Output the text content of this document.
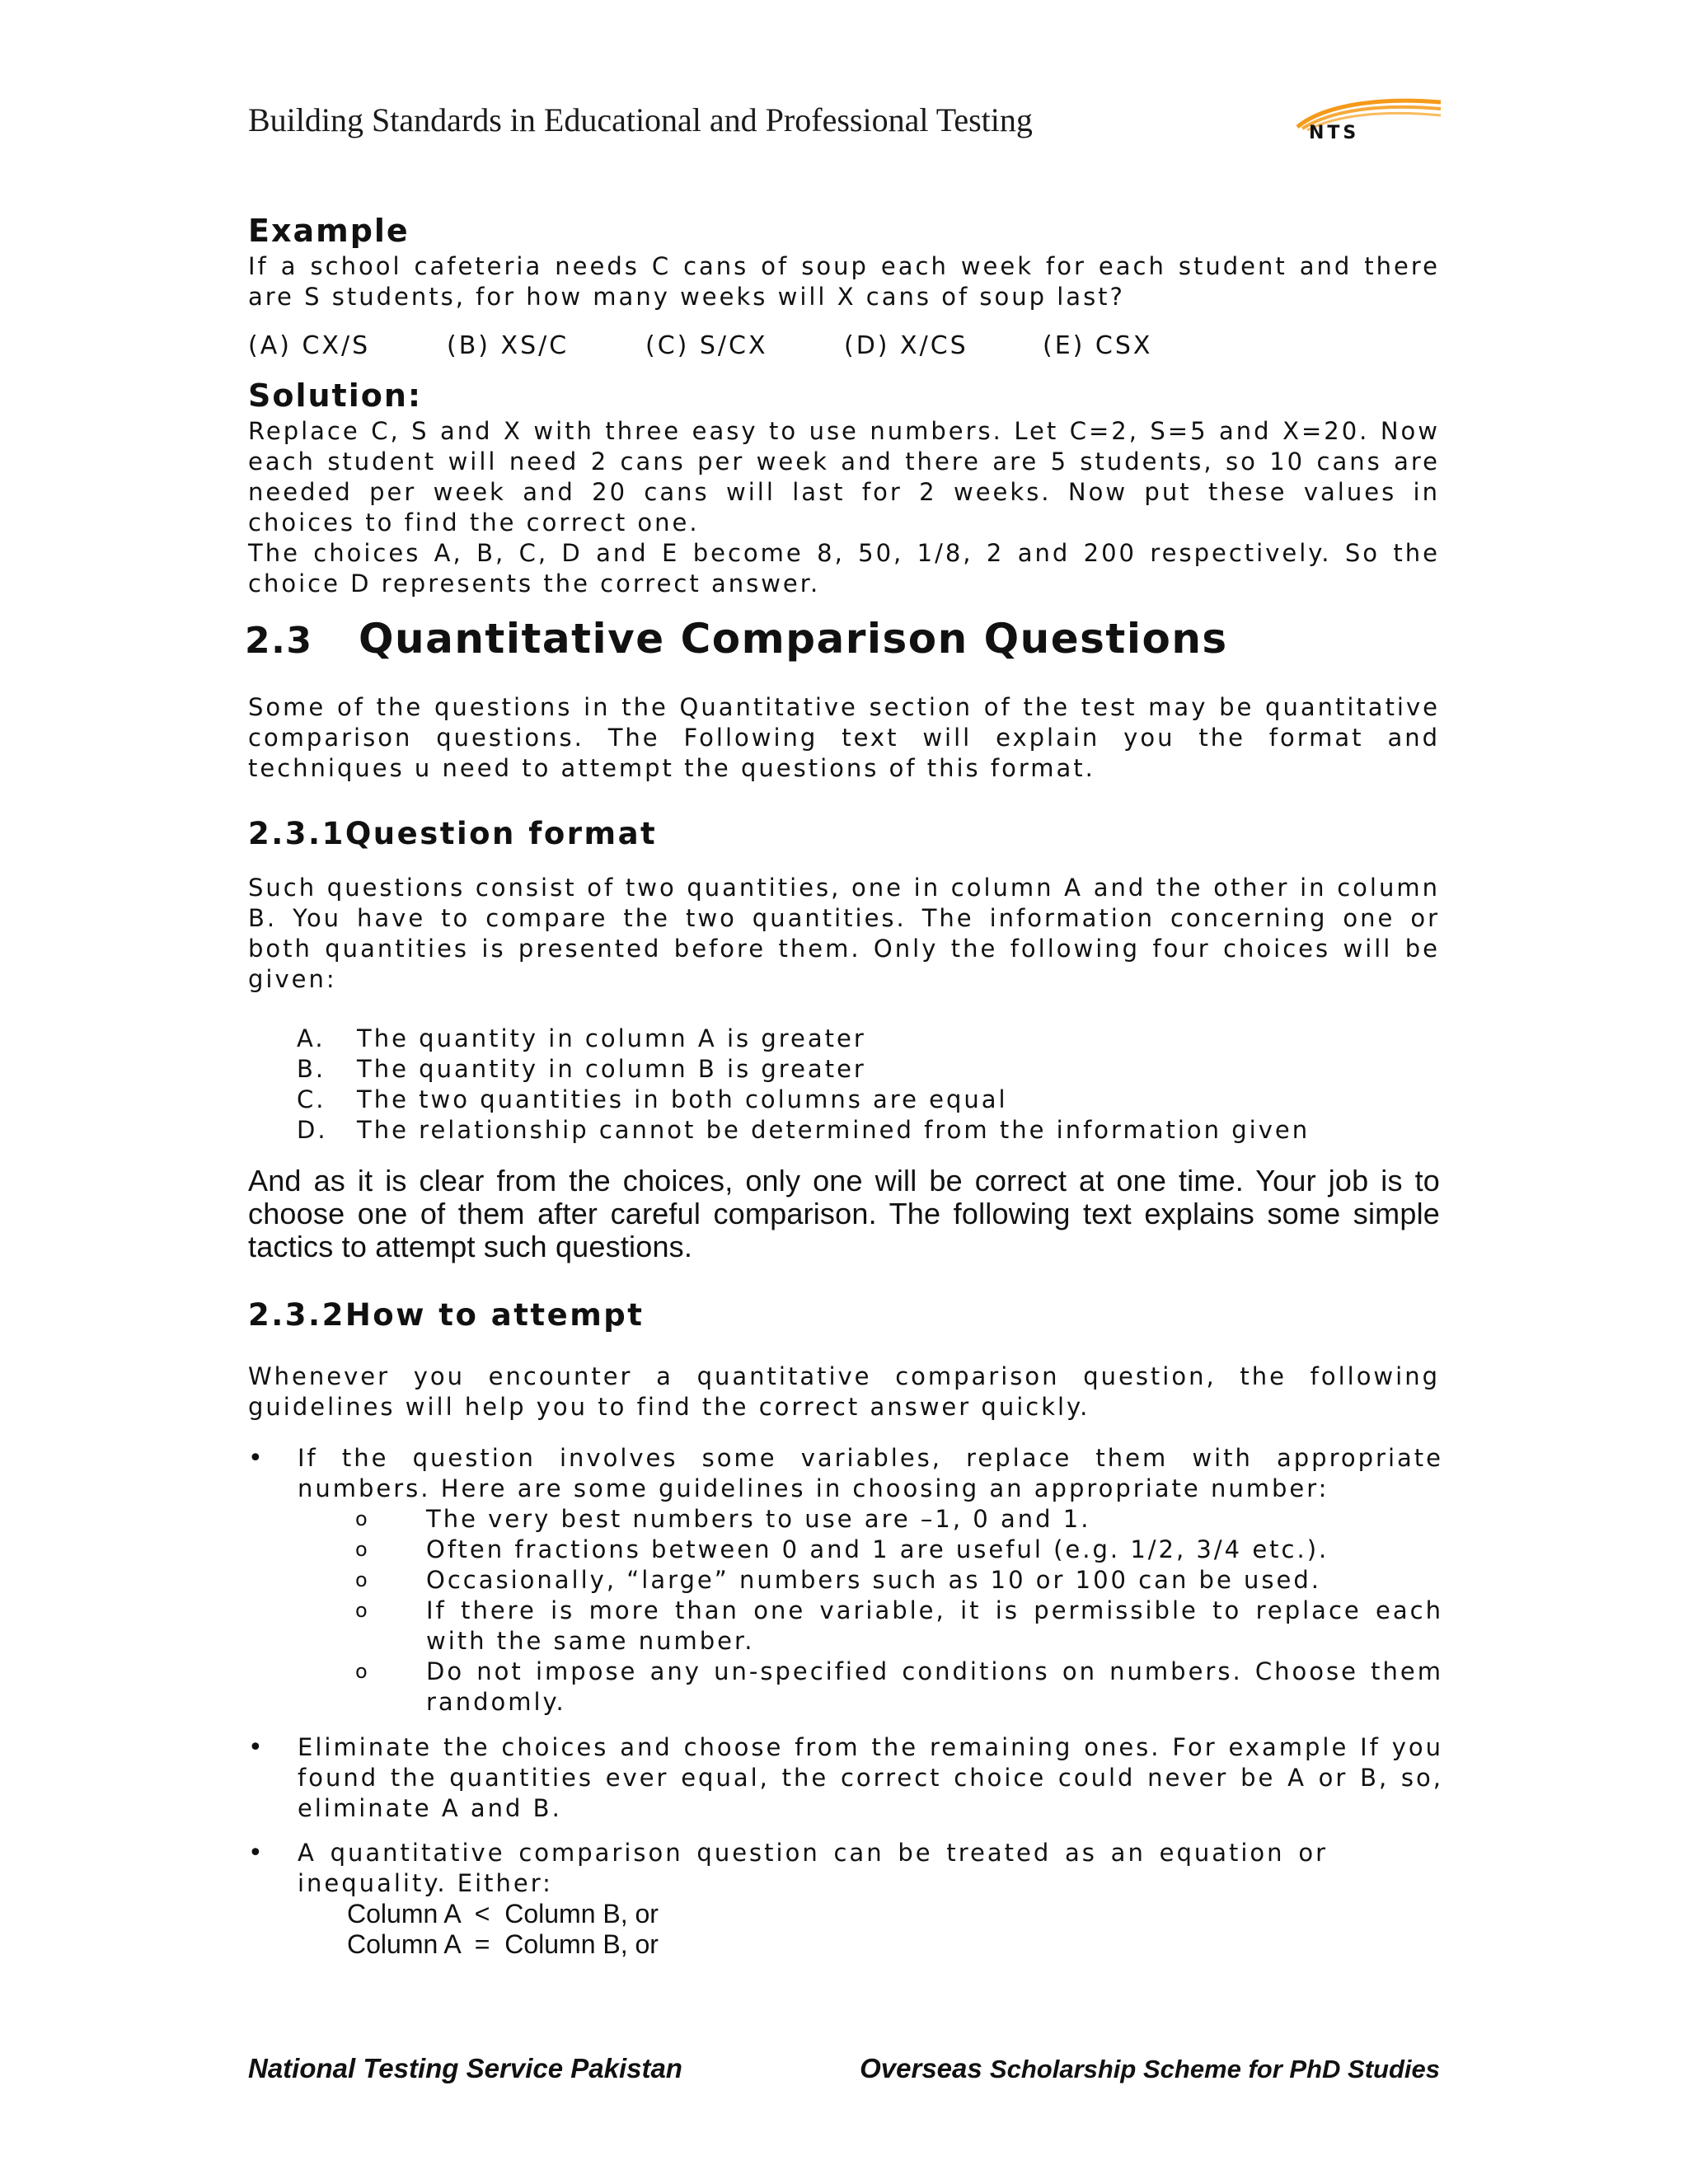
Building Standards in Educational and Professional Testing	NTS

Example

If a school cafeteria needs C cans of soup each week for each student and there are S students, for how many weeks will X cans of soup last?

(A) CX/S	(B) XS/C	(C) S/CX	(D) X/CS	(E) CSX

Solution:

Replace C, S and X with three easy to use numbers. Let C=2, S=5 and X=20. Now each student will need 2 cans per week and there are 5 students, so 10 cans are needed per week and 20 cans will last for 2 weeks. Now put these values in choices to find the correct one.

The choices A, B, C, D and E become 8, 50, 1/8, 2 and 200 respectively. So the choice D represents the correct answer.

2.3 Quantitative Comparison Questions

Some of the questions in the Quantitative section of the test may be quantitative comparison questions. The Following text will explain you the format and techniques u need to attempt the questions of this format.

2.3.1Question format

Such questions consist of two quantities, one in column A and the other in column B. You have to compare the two quantities. The information concerning one or both quantities is presented before them. Only the following four choices will be given:

A.	The quantity in column A is greater
B.	The quantity in column B is greater
C.	The two quantities in both columns are equal
D.	The relationship cannot be determined from the information given

And as it is clear from the choices, only one will be correct at one time. Your job is to choose one of them after careful comparison. The following text explains some simple tactics to attempt such questions.

2.3.2How to attempt

Whenever you encounter a quantitative comparison question, the following guidelines will help you to find the correct answer quickly.

•	If the question involves some variables, replace them with appropriate numbers. Here are some guidelines in choosing an appropriate number:

o	The very best numbers to use are –1, 0 and 1.

o	Often fractions between 0 and 1 are useful (e.g. 1/2, 3/4 etc.).

o	Occasionally, “large” numbers such as 10 or 100 can be used.

o	If there is more than one variable, it is permissible to replace each with the same number.

o	Do not impose any un-specified conditions on numbers. Choose them randomly.

•	Eliminate the choices and choose from the remaining ones. For example If you found the quantities ever equal, the correct choice could never be A or B, so, eliminate A and B.

•	A quantitative comparison question can be treated as an equation or inequality. Either:

Column A  <  Column B, or
Column A  =  Column B, or
National Testing Service Pakistan	Overseas Scholarship Scheme for PhD Studies
